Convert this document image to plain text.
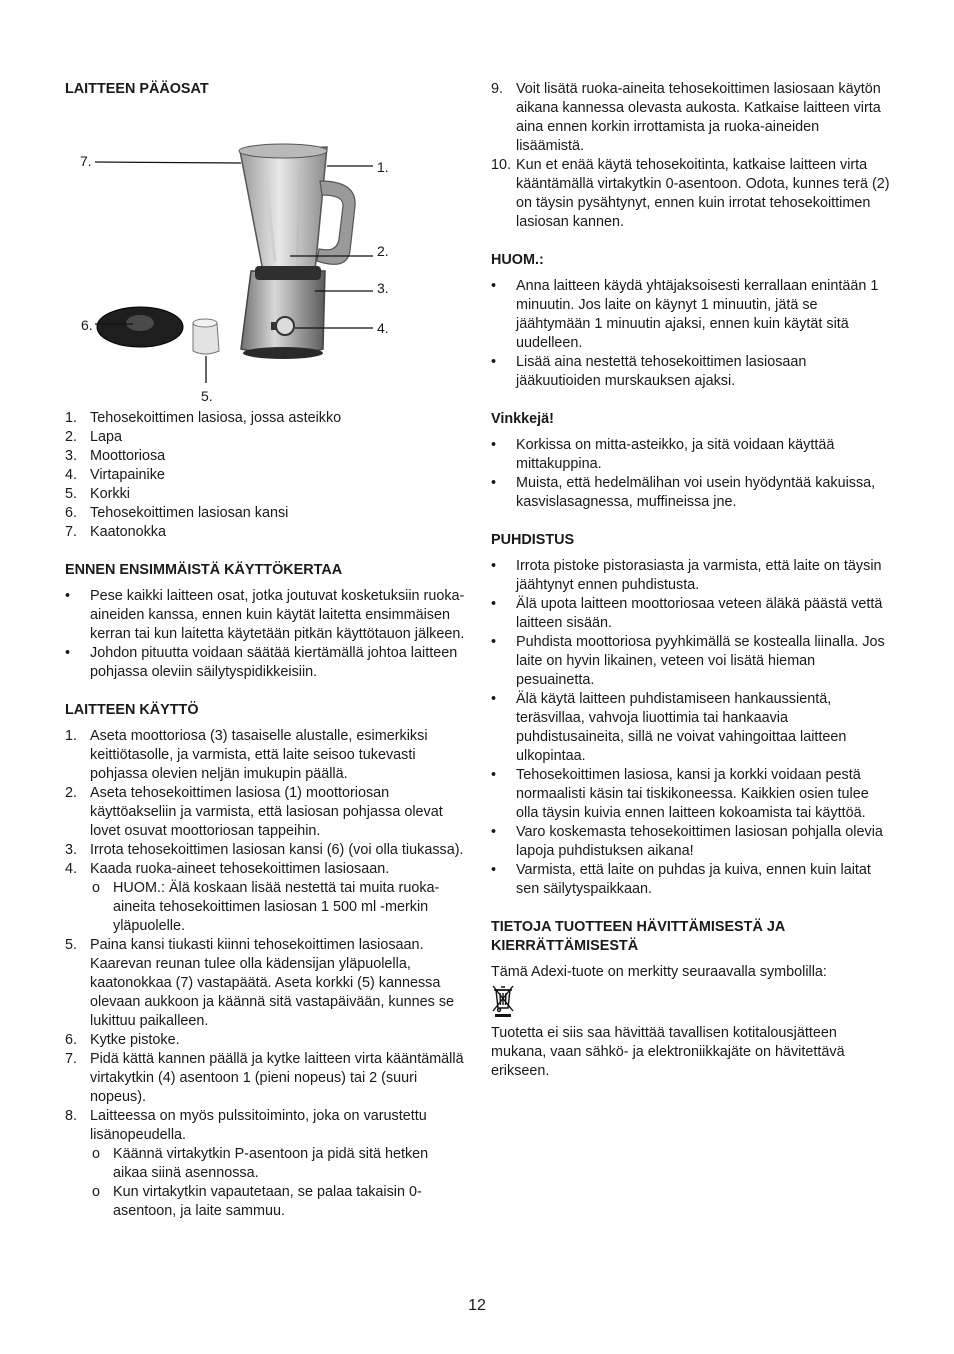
LAITTEEN PÄÄOSAT
7.	1.
2.
3.
4.
6.
5.
1. Tehosekoittimen lasiosa, jossa asteikko
2. Lapa
3. Moottoriosa
4. Virtapainike
5. Korkki
6. Tehosekoittimen lasiosan kansi
7. Kaatonokka
ENNEN ENSIMMÄISTÄ KÄYTTÖKERTAA
• Pese kaikki laitteen osat, jotka joutuvat kosketuksiin ruoka-aineiden kanssa, ennen kuin käytät laitetta ensimmäisen kerran tai kun laitetta käytetään pitkän käyttötauon jälkeen.
• Johdon pituutta voidaan säätää kiertämällä johtoa laitteen pohjassa oleviin säilytyspidikkeisiin.
LAITTEEN KÄYTTÖ
1. Aseta moottoriosa (3) tasaiselle alustalle, esimerkiksi keittiötasolle, ja varmista, että laite seisoo tukevasti pohjassa olevien neljän imukupin päällä.
2. Aseta tehosekoittimen lasiosa (1) moottoriosan käyttöakseliin ja varmista, että lasiosan pohjassa olevat lovet osuvat moottoriosan tappeihin.
3. Irrota tehosekoittimen lasiosan kansi (6) (voi olla tiukassa).
4. Kaada ruoka-aineet tehosekoittimen lasiosaan.
o HUOM.: Älä koskaan lisää nestettä tai muita ruoka-aineita tehosekoittimen lasiosan 1 500 ml -merkin yläpuolelle.
5. Paina kansi tiukasti kiinni tehosekoittimen lasiosaan. Kaarevan reunan tulee olla kädensijan yläpuolella, kaatonokkaa (7) vastapäätä. Aseta korkki (5) kannessa olevaan aukkoon ja käännä sitä vastapäivään, kunnes se lukittuu paikalleen.
6. Kytke pistoke.
7. Pidä kättä kannen päällä ja kytke laitteen virta kääntämällä virtakytkin (4) asentoon 1 (pieni nopeus) tai 2 (suuri nopeus).
8. Laitteessa on myös pulssitoiminto, joka on varustettu lisänopeudella.
o Käännä virtakytkin P-asentoon ja pidä sitä hetken aikaa siinä asennossa.
o Kun virtakytkin vapautetaan, se palaa takaisin 0-asentoon, ja laite sammuu.
9. Voit lisätä ruoka-aineita tehosekoittimen lasiosaan käytön aikana kannessa olevasta aukosta. Katkaise laitteen virta aina ennen korkin irrottamista ja ruoka-aineiden lisäämistä.
10. Kun et enää käytä tehosekoitinta, katkaise laitteen virta kääntämällä virtakytkin 0-asentoon. Odota, kunnes terä (2) on täysin pysähtynyt, ennen kuin irrotat tehosekoittimen lasiosan kannen.
HUOM.:
• Anna laitteen käydä yhtäjaksoisesti kerrallaan enintään 1 minuutin. Jos laite on käynyt 1 minuutin, jätä se jäähtymään 1 minuutin ajaksi, ennen kuin käytät sitä uudelleen.
• Lisää aina nestettä tehosekoittimen lasiosaan jääkuutioiden murskauksen ajaksi.
Vinkkejä!
• Korkissa on mitta-asteikko, ja sitä voidaan käyttää mittakuppina.
• Muista, että hedelmälihan voi usein hyödyntää kakuissa, kasvislasagnessa, muffineissa jne.
PUHDISTUS
• Irrota pistoke pistorasiasta ja varmista, että laite on täysin jäähtynyt ennen puhdistusta.
• Älä upota laitteen moottoriosaa veteen äläkä päästä vettä laitteen sisään.
• Puhdista moottoriosa pyyhkimällä se kostealla liinalla. Jos laite on hyvin likainen, veteen voi lisätä hieman pesuainetta.
• Älä käytä laitteen puhdistamiseen hankaussientä, teräsvillaa, vahvoja liuottimia tai hankaavia puhdistusaineita, sillä ne voivat vahingoittaa laitteen ulkopintaa.
• Tehosekoittimen lasiosa, kansi ja korkki voidaan pestä normaalisti käsin tai tiskikoneessa. Kaikkien osien tulee olla täysin kuivia ennen laitteen kokoamista tai käyttöä.
• Varo koskemasta tehosekoittimen lasiosan pohjalla olevia lapoja puhdistuksen aikana!
• Varmista, että laite on puhdas ja kuiva, ennen kuin laitat sen säilytyspaikkaan.
TIETOJA TUOTTEEN HÄVITTÄMISESTÄ JA KIERRÄTTÄMISESTÄ

Tämä Adexi-tuote on merkitty seuraavalla symbolilla:

Tuotetta ei siis saa hävittää tavallisen kotitalousjätteen mukana, vaan sähkö- ja elektroniikkajäte on hävitettävä erikseen.

12
